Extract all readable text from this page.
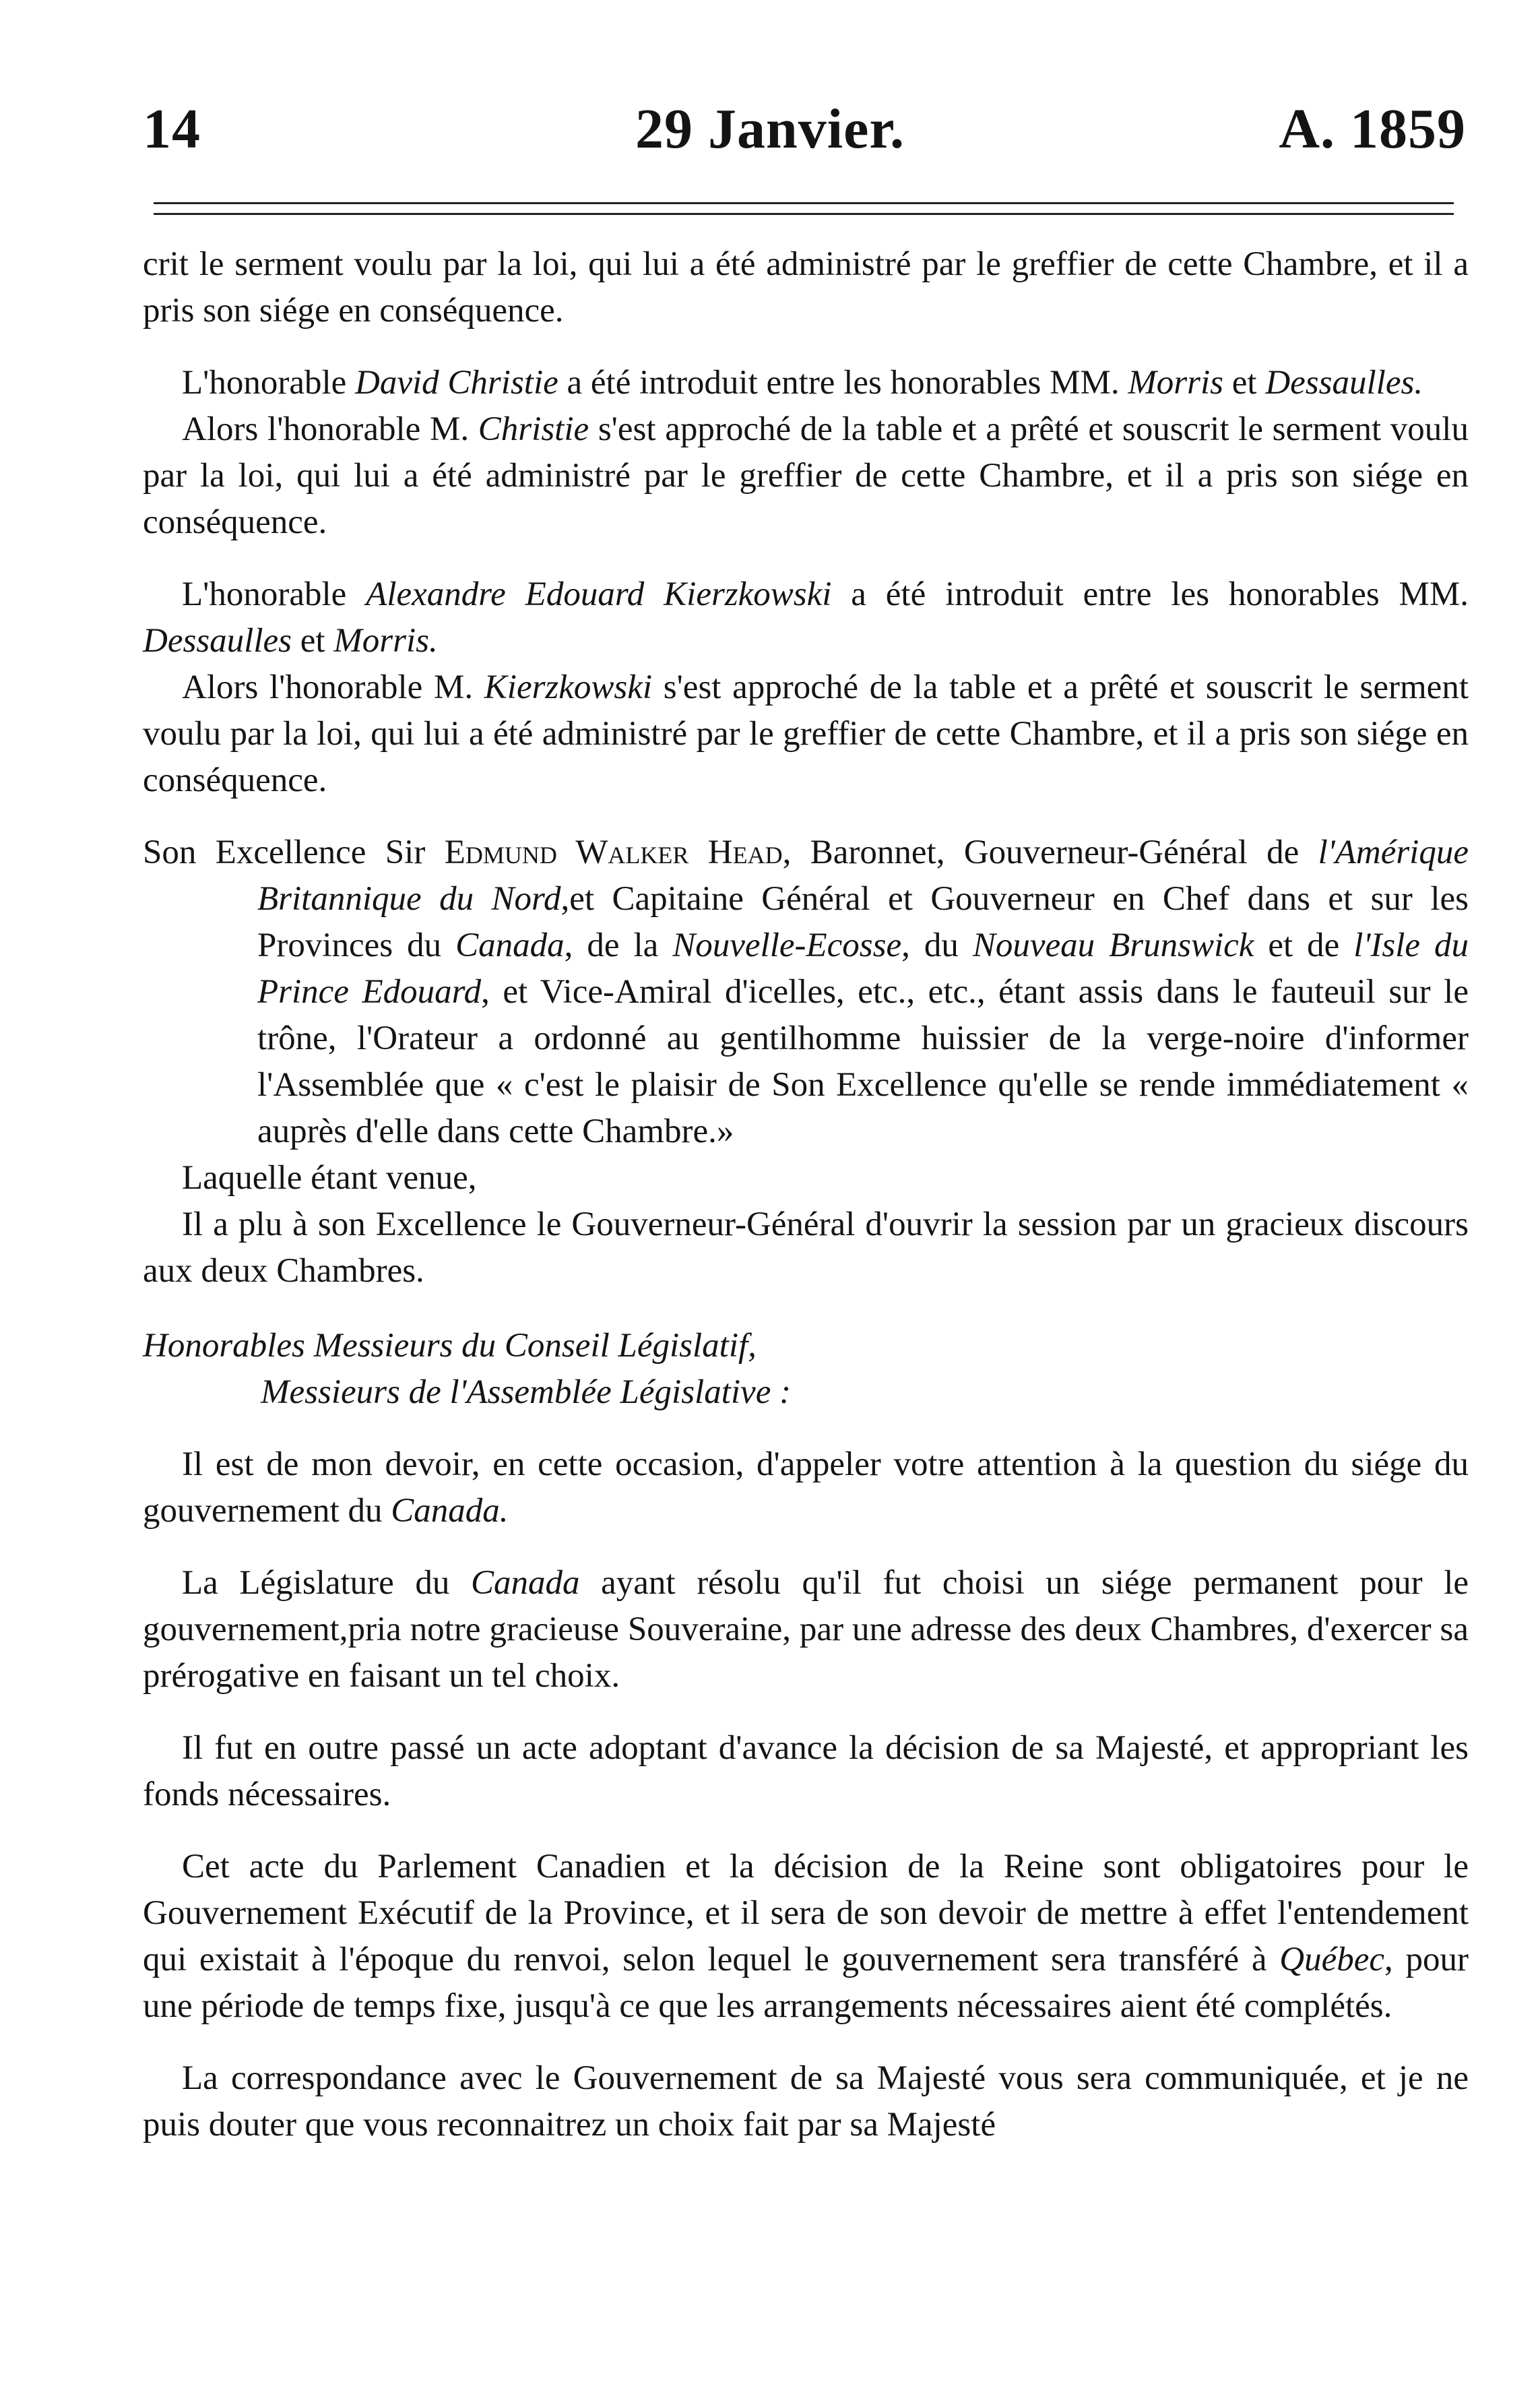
29 Janvier.
14	A. 1859

crit le serment voulu par la loi, qui lui a été administré par le greffier de cette Chambre, et il a pris son siége en conséquence.

L'honorable David Christie a été introduit entre les honorables MM. Morris et Dessaulles.

Alors l'honorable M. Christie s'est approché de la table et a prêté et souscrit le serment voulu par la loi, qui lui a été administré par le greffier de cette Chambre, et il a pris son siége en conséquence.

L'honorable Alexandre Edouard Kierzkowski a été introduit entre les honorables MM. Dessaulles et Morris.

Alors l'honorable M. Kierzkowski s'est approché de la table et a prêté et souscrit le serment voulu par la loi, qui lui a été administré par le greffier de cette Chambre, et il a pris son siége en conséquence.

Son Excellence Sir Edmund Walker Head, Baronnet, Gouverneur-Général de l'Amérique Britannique du Nord,et Capitaine Général et Gouverneur en Chef dans et sur les Provinces du Canada, de la Nouvelle-Ecosse, du Nouveau Brunswick et de l'Isle du Prince Edouard, et Vice-Amiral d'icelles, etc., etc., étant assis dans le fauteuil sur le trône, l'Orateur a ordonné au gentilhomme huissier de la verge-noire d'informer l'Assemblée que « c'est le plaisir de Son Excellence qu'elle se rende immédiatement « auprès d'elle dans cette Chambre.»

Laquelle étant venue,

Il a plu à son Excellence le Gouverneur-Général d'ouvrir la session par un gracieux discours aux deux Chambres.

Honorables Messieurs du Conseil Législatif,

Messieurs de l'Assemblée Législative :

Il est de mon devoir, en cette occasion, d'appeler votre attention à la question du siége du gouvernement du Canada.

La Législature du Canada ayant résolu qu'il fut choisi un siége permanent pour le gouvernement,pria notre gracieuse Souveraine, par une adresse des deux Chambres, d'exercer sa prérogative en faisant un tel choix.

Il fut en outre passé un acte adoptant d'avance la décision de sa Majesté, et appropriant les fonds nécessaires.

Cet acte du Parlement Canadien et la décision de la Reine sont obligatoires pour le Gouvernement Exécutif de la Province, et il sera de son devoir de mettre à effet l'entendement qui existait à l'époque du renvoi, selon lequel le gouvernement sera transféré à Québec, pour une période de temps fixe, jusqu'à ce que les arrangements nécessaires aient été complétés.

La correspondance avec le Gouvernement de sa Majesté vous sera communiquée, et je ne puis douter que vous reconnaitrez un choix fait par sa Majesté
